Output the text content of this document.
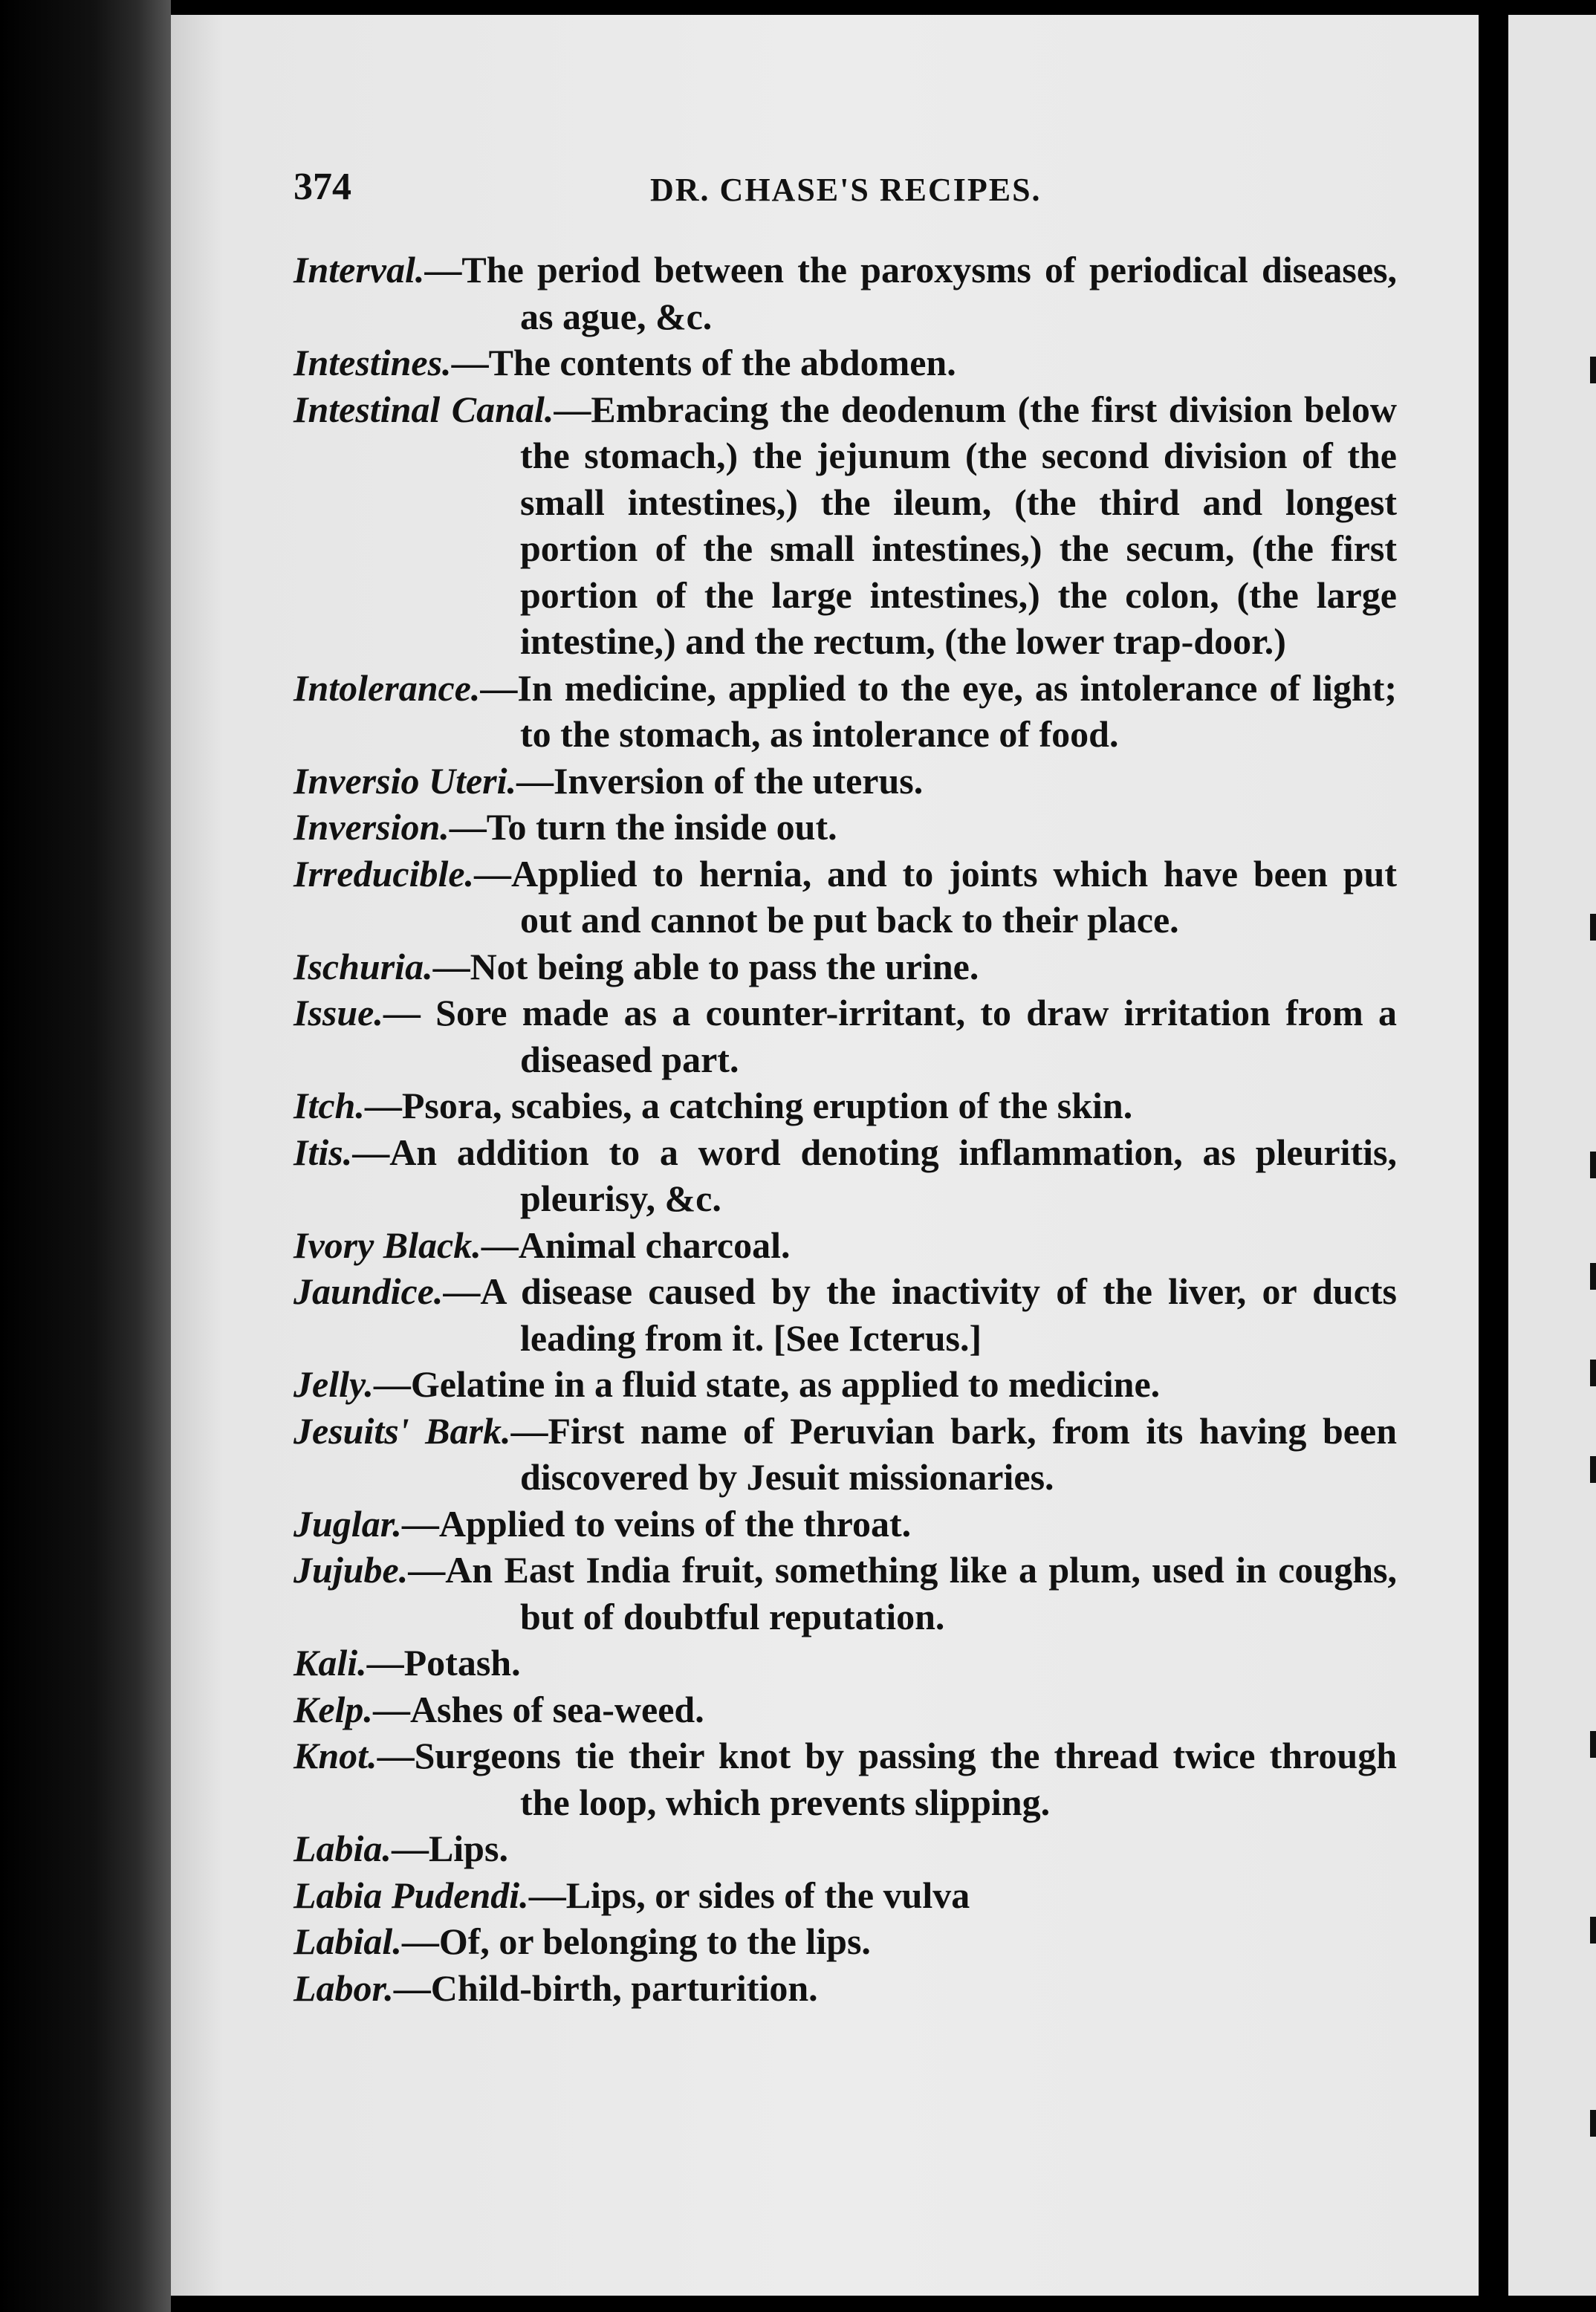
374	DR. CHASE'S RECIPES.
Interval.—The period between the paroxysms of periodical diseases, as ague, &c.
Intestines.—The contents of the abdomen.
Intestinal Canal.—Embracing the deodenum (the first division below the stomach,) the jejunum (the second division of the small intestines,) the ileum, (the third and longest portion of the small intestines,) the secum, (the first portion of the large intestines,) the colon, (the large intestine,) and the rectum, (the lower trap-door.)
Intolerance.—In medicine, applied to the eye, as intolerance of light; to the stomach, as intolerance of food.
Inversio Uteri.—Inversion of the uterus.
Inversion.—To turn the inside out.
Irreducible.—Applied to hernia, and to joints which have been put out and cannot be put back to their place.
Ischuria.—Not being able to pass the urine.
Issue.— Sore made as a counter-irritant, to draw irritation from a diseased part.
Itch.—Psora, scabies, a catching eruption of the skin.
Itis.—An addition to a word denoting inflammation, as pleuritis, pleurisy, &c.
Ivory Black.—Animal charcoal.
Jaundice.—A disease caused by the inactivity of the liver, or ducts leading from it. [See Icterus.]
Jelly.—Gelatine in a fluid state, as applied to medicine.
Jesuits' Bark.—First name of Peruvian bark, from its having been discovered by Jesuit missionaries.
Juglar.—Applied to veins of the throat.
Jujube.—An East India fruit, something like a plum, used in coughs, but of doubtful reputation.
Kali.—Potash.
Kelp.—Ashes of sea-weed.
Knot.—Surgeons tie their knot by passing the thread twice through the loop, which prevents slipping.
Labia.—Lips.
Labia Pudendi.—Lips, or sides of the vulva
Labial.—Of, or belonging to the lips.
Labor.—Child-birth, parturition.
